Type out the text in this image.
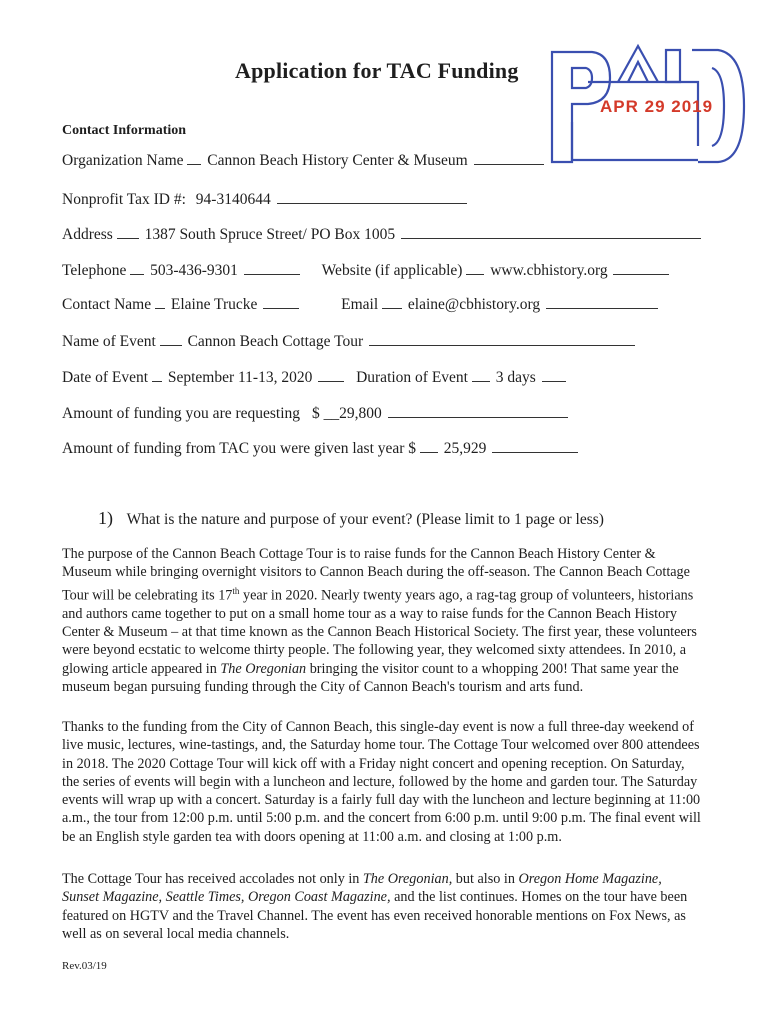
APR 29 2019
Application for TAC Funding
Contact Information
Organization Name Cannon Beach History Center & Museum
Nonprofit Tax ID #: 94-3140644
Address 1387 South Spruce Street/ PO Box 1005
Telephone 503-436-9301	Website (if applicable) www.cbhistory.org
Contact Name Elaine Trucke	Email elaine@cbhistory.org
Name of Event Cannon Beach Cottage Tour
Date of Event September 11-13, 2020	Duration of Event 3 days
Amount of funding you are requesting $ __29,800
Amount of funding from TAC you were given last year $ 25,929
1) What is the nature and purpose of your event? (Please limit to 1 page or less)
The purpose of the Cannon Beach Cottage Tour is to raise funds for the Cannon Beach History Center & Museum while bringing overnight visitors to Cannon Beach during the off-season. The Cannon Beach Cottage Tour will be celebrating its 17th year in 2020. Nearly twenty years ago, a rag-tag group of volunteers, historians and authors came together to put on a small home tour as a way to raise funds for the Cannon Beach History Center & Museum – at that time known as the Cannon Beach Historical Society. The first year, these volunteers were beyond ecstatic to welcome thirty people. The following year, they welcomed sixty attendees. In 2010, a glowing article appeared in The Oregonian bringing the visitor count to a whopping 200! That same year the museum began pursuing funding through the City of Cannon Beach's tourism and arts fund.
Thanks to the funding from the City of Cannon Beach, this single-day event is now a full three-day weekend of live music, lectures, wine-tastings, and, the Saturday home tour. The Cottage Tour welcomed over 800 attendees in 2018. The 2020 Cottage Tour will kick off with a Friday night concert and opening reception. On Saturday, the series of events will begin with a luncheon and lecture, followed by the home and garden tour. The Saturday events will wrap up with a concert. Saturday is a fairly full day with the luncheon and lecture beginning at 11:00 a.m., the tour from 12:00 p.m. until 5:00 p.m. and the concert from 6:00 p.m. until 9:00 p.m. The final event will be an English style garden tea with doors opening at 11:00 a.m. and closing at 1:00 p.m.
The Cottage Tour has received accolades not only in The Oregonian, but also in Oregon Home Magazine, Sunset Magazine, Seattle Times, Oregon Coast Magazine, and the list continues. Homes on the tour have been featured on HGTV and the Travel Channel. The event has even received honorable mentions on Fox News, as well as on several local media channels.
Rev.03/19
